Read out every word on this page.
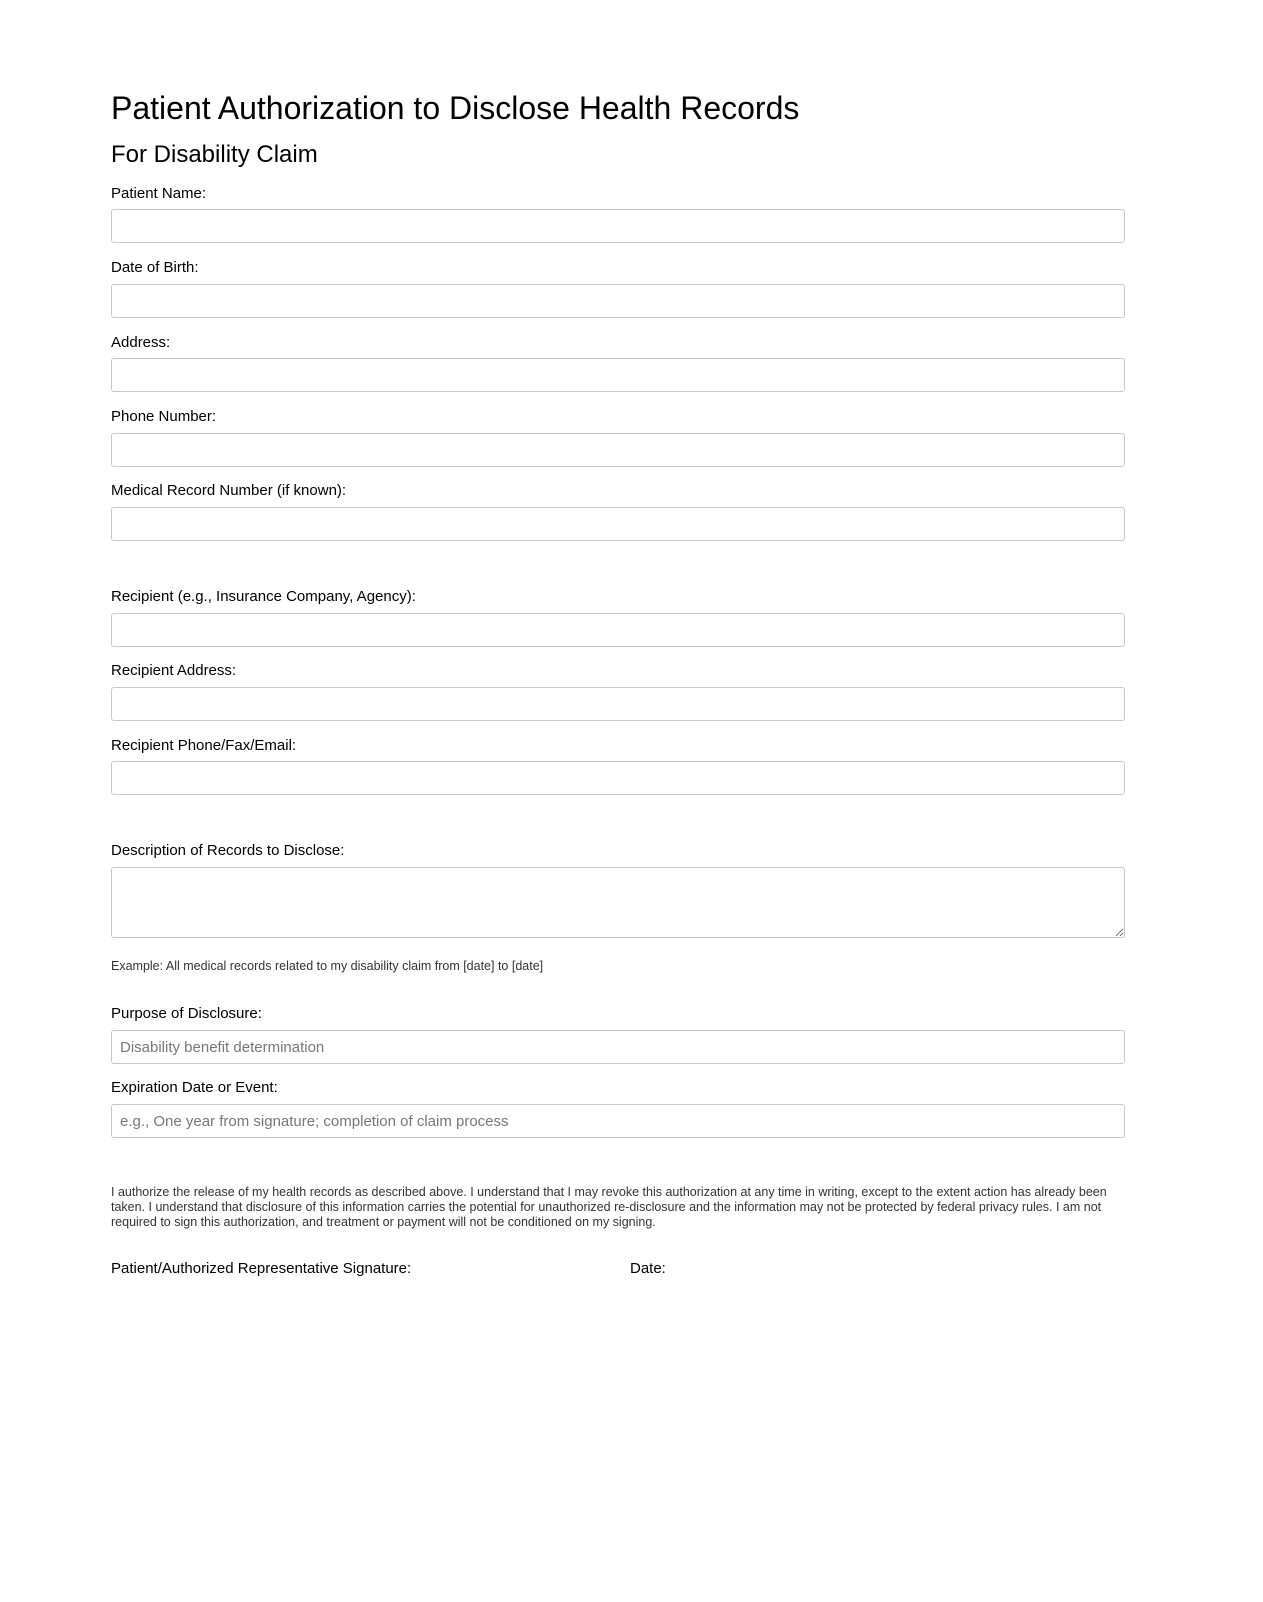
Patient Authorization to Disclose Health Records
For Disability Claim
Patient Name:
Date of Birth:
Address:
Phone Number:
Medical Record Number (if known):
Recipient (e.g., Insurance Company, Agency):
Recipient Address:
Recipient Phone/Fax/Email:
Description of Records to Disclose:
Example: All medical records related to my disability claim from [date] to [date]
Purpose of Disclosure:
Disability benefit determination
Expiration Date or Event:
e.g., One year from signature; completion of claim process

I authorize the release of my health records as described above. I understand that I may revoke this authorization at any time in writing, except to the extent action has already been taken. I understand that disclosure of this information carries the potential for unauthorized re-disclosure and the information may not be protected by federal privacy rules. I am not required to sign this authorization, and treatment or payment will not be conditioned on my signing.

Patient/Authorized Representative Signature:	Date:
